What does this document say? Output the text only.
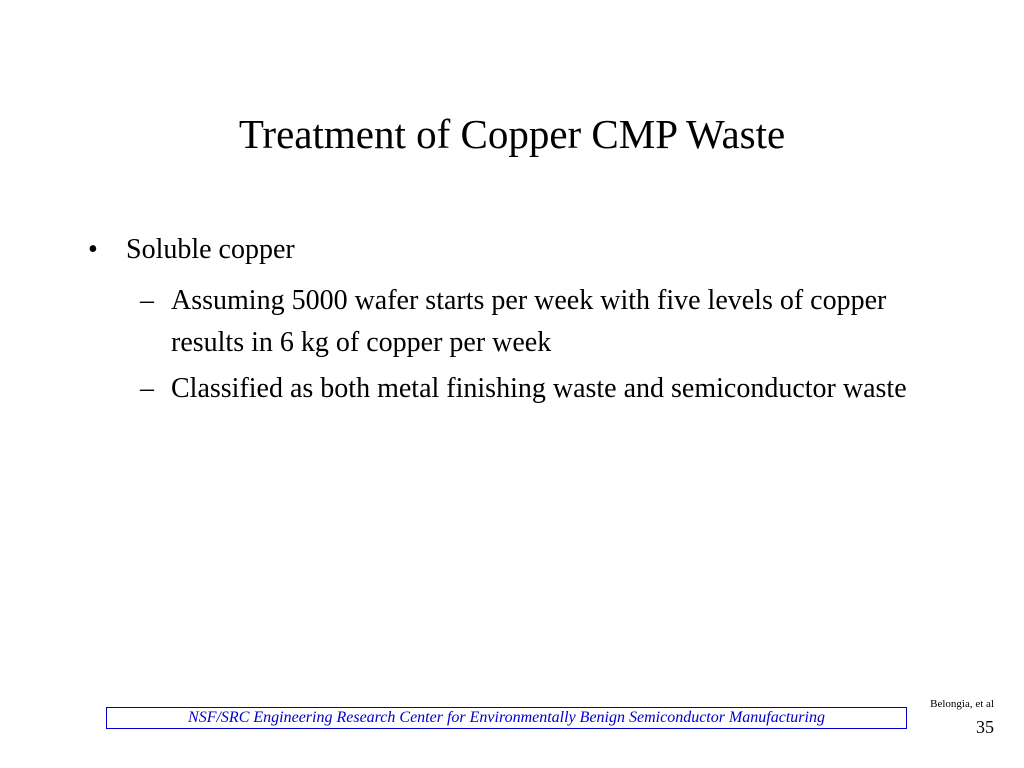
Treatment of Copper CMP Waste
• Soluble copper
– Assuming 5000 wafer starts per week with five levels of copper results in 6 kg of copper per week
– Classified as both metal finishing waste and semiconductor waste
NSF/SRC Engineering Research Center for Environmentally Benign Semiconductor Manufacturing
Belongia, et al
35
